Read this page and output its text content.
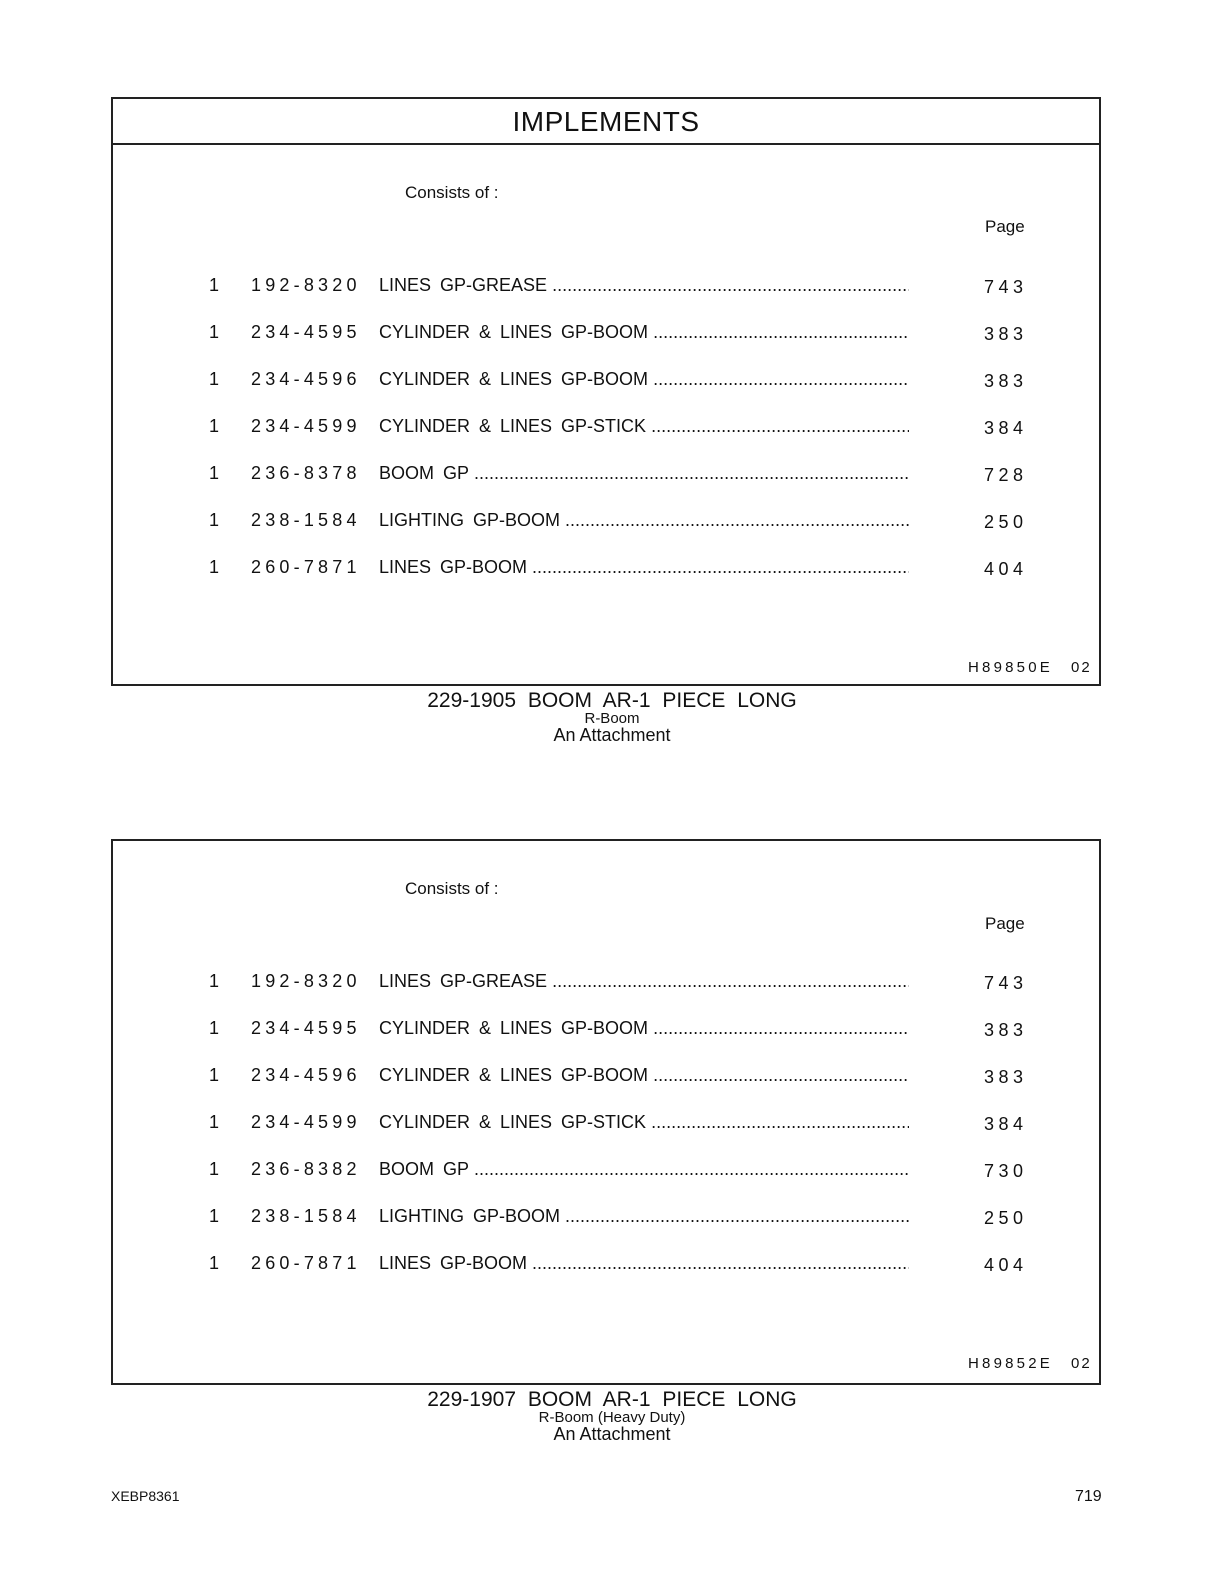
IMPLEMENTS
Consists of :
Page
1 192-8320 LINES GP-GREASE .....	743
1 234-4595 CYLINDER & LINES GP-BOOM .....	383
1 234-4596 CYLINDER & LINES GP-BOOM .....	383
1 234-4599 CYLINDER & LINES GP-STICK .....	384
1 236-8378 BOOM GP .....	728
1 238-1584 LIGHTING GP-BOOM .....	250
1 260-7871 LINES GP-BOOM .....	404
H89850E 02
229-1905 BOOM AR-1 PIECE LONG
R-Boom
An Attachment
Consists of :
Page
1 192-8320 LINES GP-GREASE .....	743
1 234-4595 CYLINDER & LINES GP-BOOM .....	383
1 234-4596 CYLINDER & LINES GP-BOOM .....	383
1 234-4599 CYLINDER & LINES GP-STICK .....	384
1 236-8382 BOOM GP .....	730
1 238-1584 LIGHTING GP-BOOM .....	250
1 260-7871 LINES GP-BOOM .....	404
H89852E 02
229-1907 BOOM AR-1 PIECE LONG
R-Boom (Heavy Duty)
An Attachment
XEBP8361	719
